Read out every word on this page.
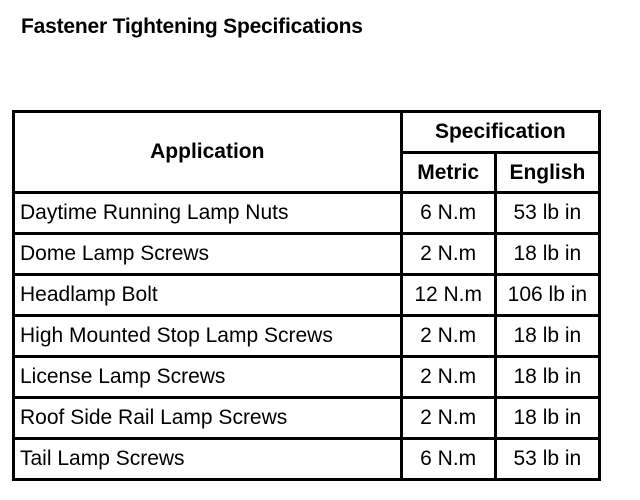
Fastener Tightening Specifications
Application	Specification	
	Metric	English
Daytime Running Lamp Nuts	6 N.m	53 lb in
Dome Lamp Screws	2 N.m	18 lb in
Headlamp Bolt	12 N.m	106 lb in
High Mounted Stop Lamp Screws	2 N.m	18 lb in
License Lamp Screws	2 N.m	18 lb in
Roof Side Rail Lamp Screws	2 N.m	18 lb in
Tail Lamp Screws	6 N.m	53 lb in
